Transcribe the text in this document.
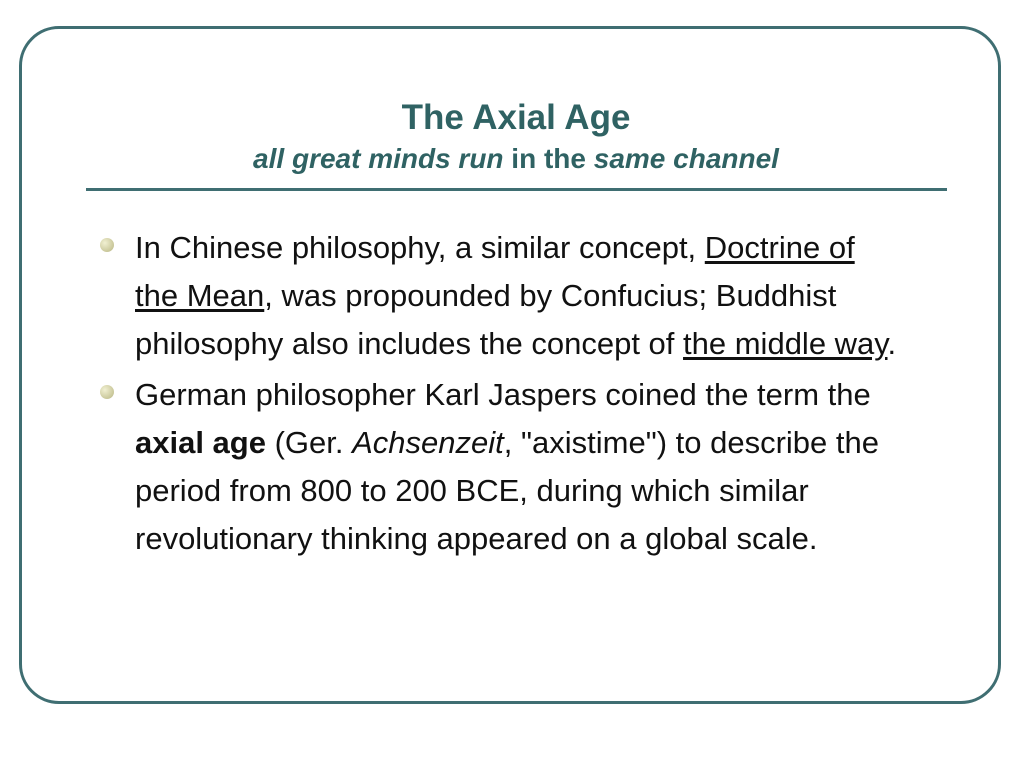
The Axial Age
all great minds run in the same channel
In Chinese philosophy, a similar concept, Doctrine of the Mean, was propounded by Confucius; Buddhist philosophy also includes the concept of the middle way.
German philosopher Karl Jaspers coined the term the axial age (Ger. Achsenzeit, "axistime") to describe the period from 800 to 200 BCE, during which similar revolutionary thinking appeared on a global scale.
